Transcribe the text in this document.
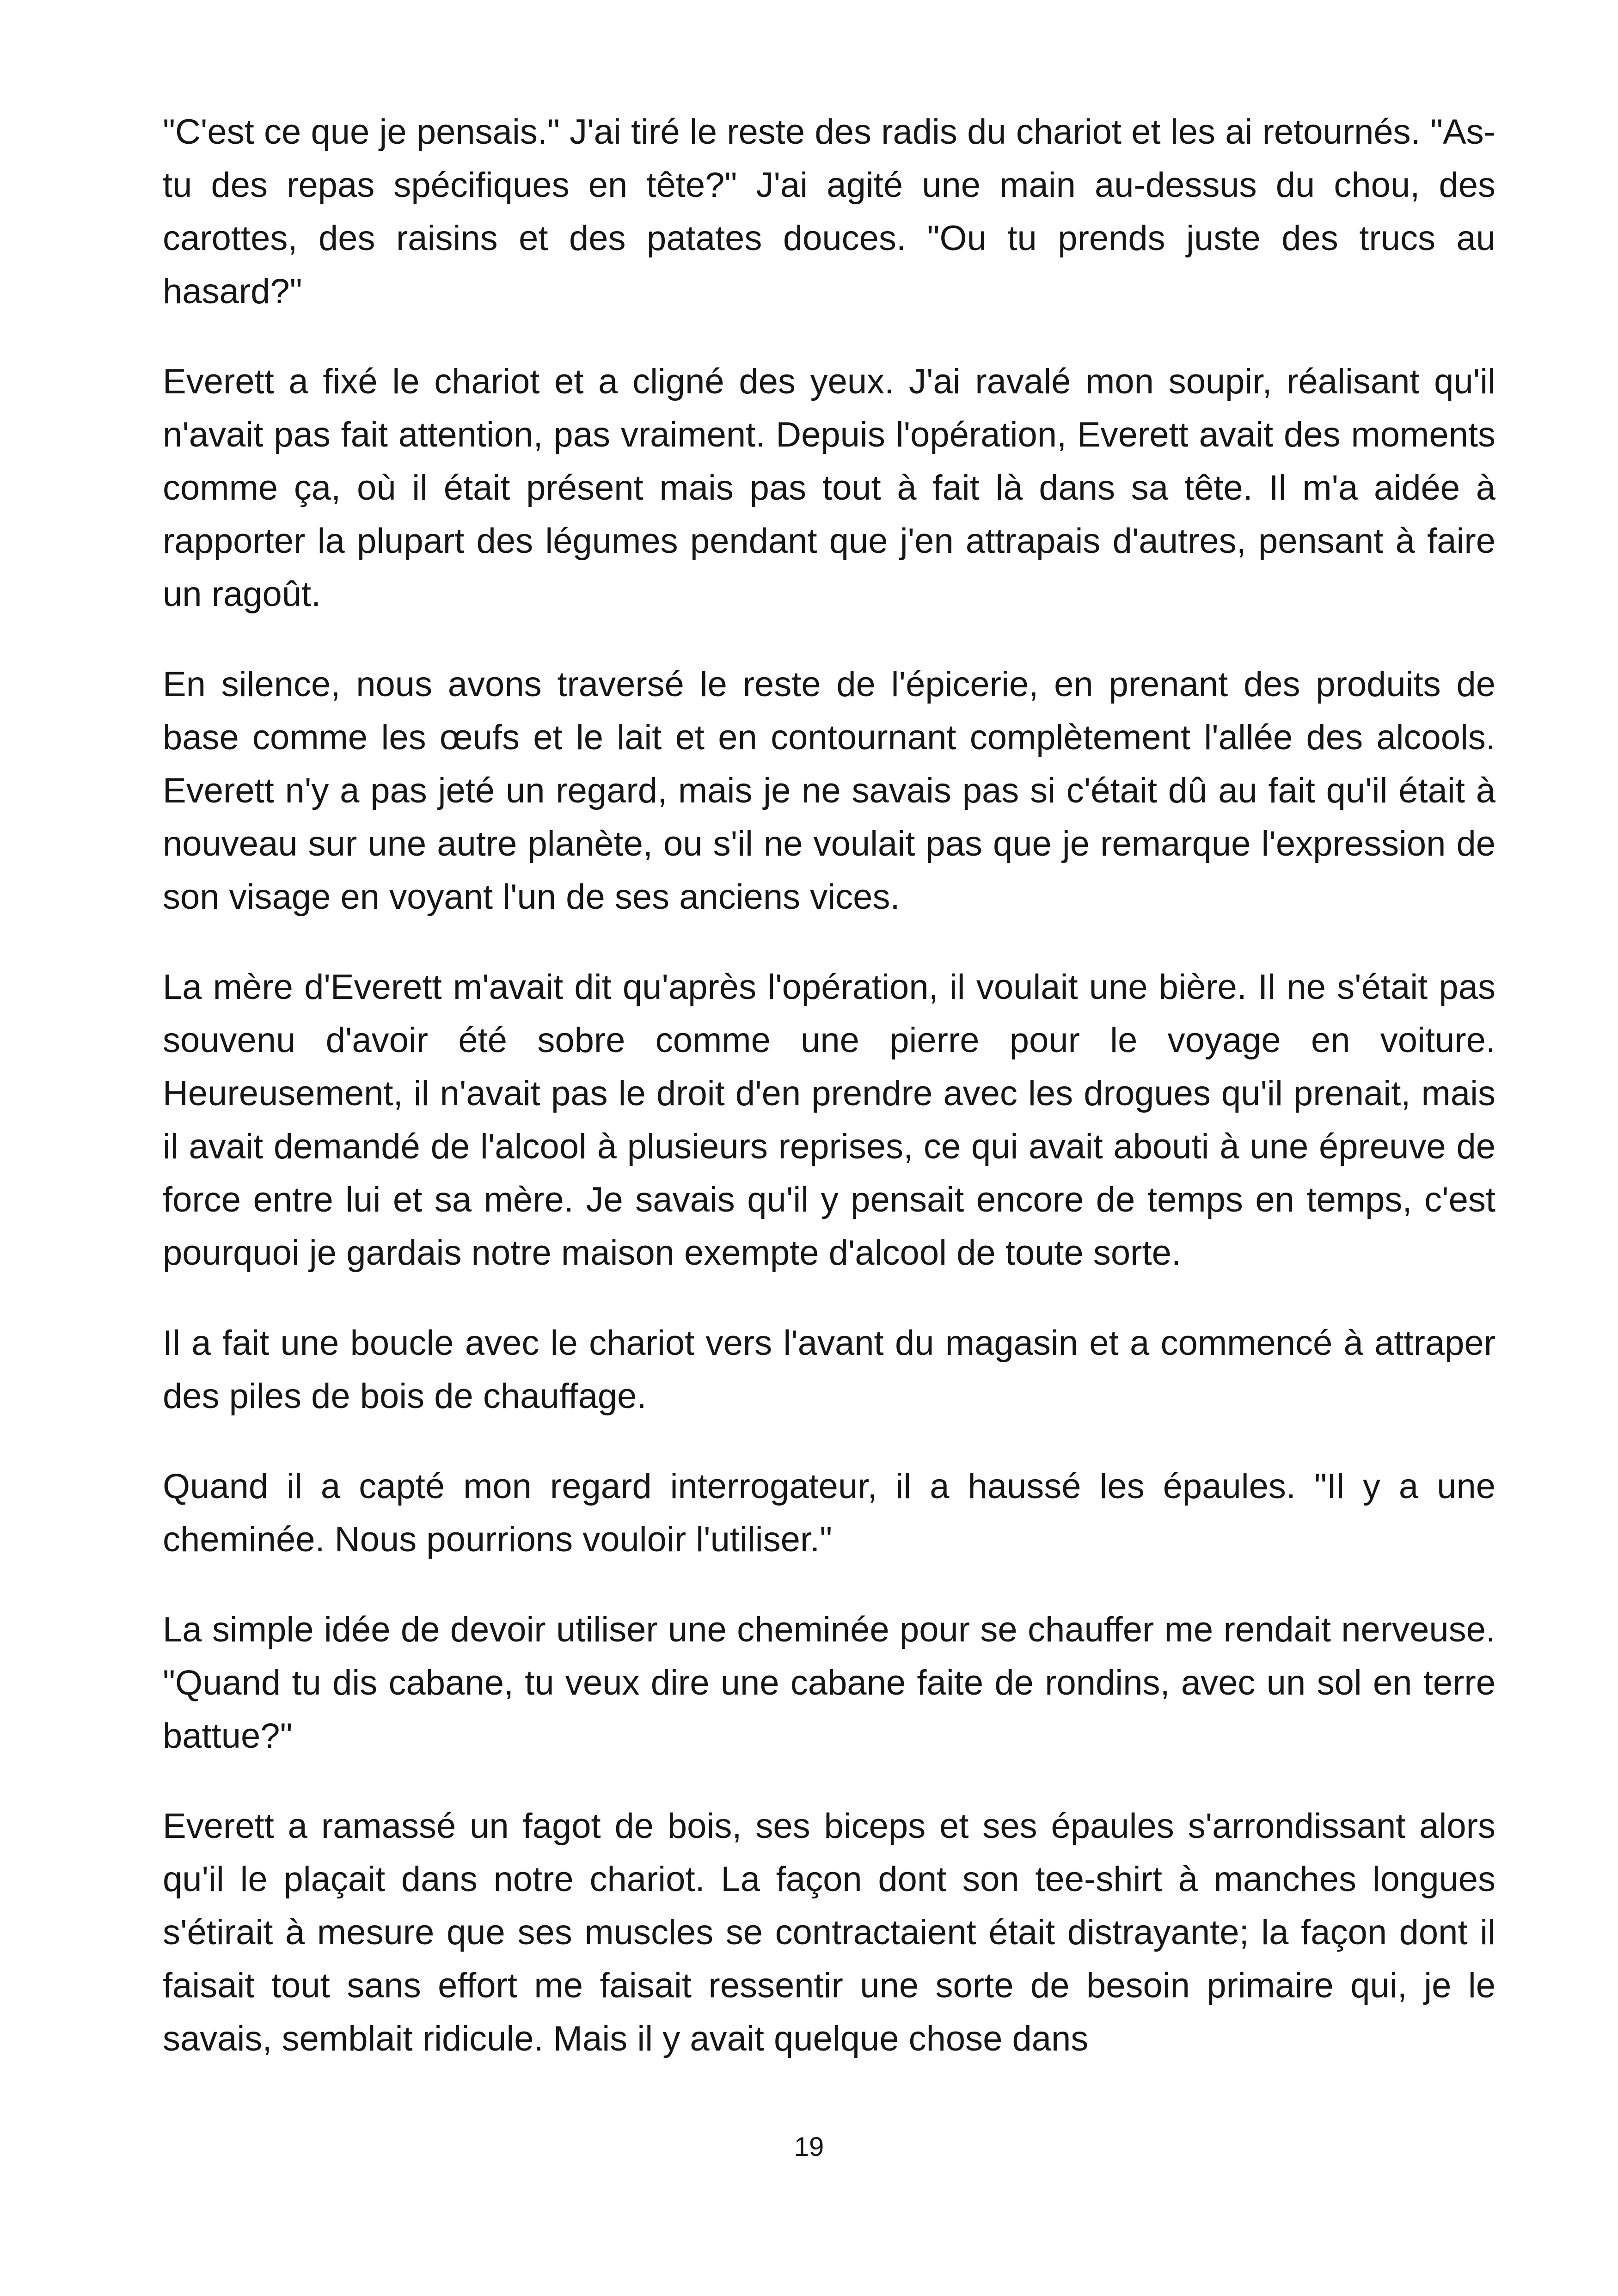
"C'est ce que je pensais." J'ai tiré le reste des radis du chariot et les ai retournés. "As-tu des repas spécifiques en tête?" J'ai agité une main au-dessus du chou, des carottes, des raisins et des patates douces. "Ou tu prends juste des trucs au hasard?"

Everett a fixé le chariot et a cligné des yeux. J'ai ravalé mon soupir, réalisant qu'il n'avait pas fait attention, pas vraiment. Depuis l'opération, Everett avait des moments comme ça, où il était présent mais pas tout à fait là dans sa tête. Il m'a aidée à rapporter la plupart des légumes pendant que j'en attrapais d'autres, pensant à faire un ragoût.

En silence, nous avons traversé le reste de l'épicerie, en prenant des produits de base comme les œufs et le lait et en contournant complètement l'allée des alcools. Everett n'y a pas jeté un regard, mais je ne savais pas si c'était dû au fait qu'il était à nouveau sur une autre planète, ou s'il ne voulait pas que je remarque l'expression de son visage en voyant l'un de ses anciens vices.

La mère d'Everett m'avait dit qu'après l'opération, il voulait une bière. Il ne s'était pas souvenu d'avoir été sobre comme une pierre pour le voyage en voiture. Heureusement, il n'avait pas le droit d'en prendre avec les drogues qu'il prenait, mais il avait demandé de l'alcool à plusieurs reprises, ce qui avait abouti à une épreuve de force entre lui et sa mère. Je savais qu'il y pensait encore de temps en temps, c'est pourquoi je gardais notre maison exempte d'alcool de toute sorte.

Il a fait une boucle avec le chariot vers l'avant du magasin et a commencé à attraper des piles de bois de chauffage.

Quand il a capté mon regard interrogateur, il a haussé les épaules. "Il y a une cheminée. Nous pourrions vouloir l'utiliser."

La simple idée de devoir utiliser une cheminée pour se chauffer me rendait nerveuse. "Quand tu dis cabane, tu veux dire une cabane faite de rondins, avec un sol en terre battue?"

Everett a ramassé un fagot de bois, ses biceps et ses épaules s'arrondissant alors qu'il le plaçait dans notre chariot. La façon dont son tee-shirt à manches longues s'étirait à mesure que ses muscles se contractaient était distrayante; la façon dont il faisait tout sans effort me faisait ressentir une sorte de besoin primaire qui, je le savais, semblait ridicule. Mais il y avait quelque chose dans

19
